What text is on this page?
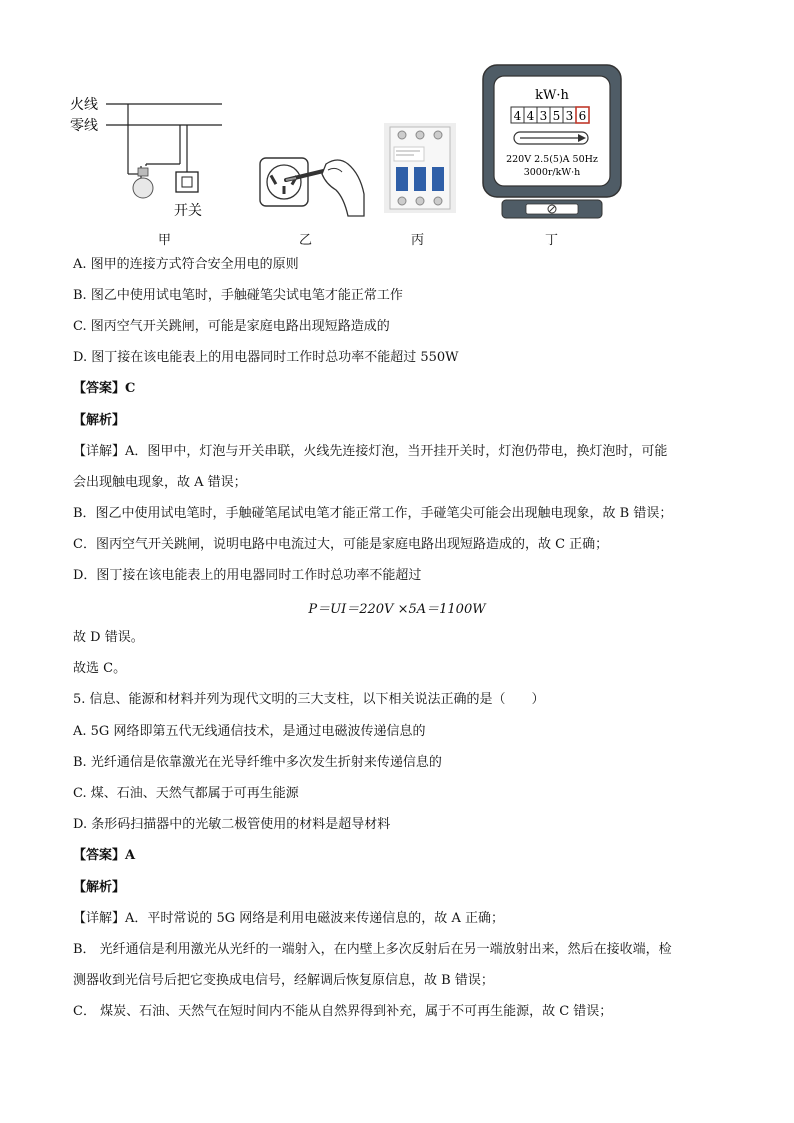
火线
零线
开关
甲	乙	丙
kW·h
4 4 3 5 3 6
220V 2.5(5)A 50Hz
3000r/kW·h
丁

A. 图甲的连接方式符合安全用电的原则

B. 图乙中使用试电笔时，手触碰笔尖试电笔才能正常工作

C. 图丙空气开关跳闸，可能是家庭电路出现短路造成的

D. 图丁接在该电能表上的用电器同时工作时总功率不能超过 550W

【答案】C

【解析】

【详解】A．图甲中，灯泡与开关串联，火线先连接灯泡，当开挂开关时，灯泡仍带电，换灯泡时，可能

会出现触电现象，故 A 错误；

B．图乙中使用试电笔时，手触碰笔尾试电笔才能正常工作，手碰笔尖可能会出现触电现象，故 B 错误；

C．图丙空气开关跳闸，说明电路中电流过大，可能是家庭电路出现短路造成的，故 C 正确；

D．图丁接在该电能表上的用电器同时工作时总功率不能超过

P＝UI＝220V ×5A＝1100W

故 D 错误。

故选 C。

5. 信息、能源和材料并列为现代文明的三大支柱，以下相关说法正确的是（　　）

A. 5G 网络即第五代无线通信技术，是通过电磁波传递信息的

B. 光纤通信是依靠激光在光导纤维中多次发生折射来传递信息的

C. 煤、石油、天然气都属于可再生能源

D. 条形码扫描器中的光敏二极管使用的材料是超导材料

【答案】A

【解析】

【详解】A．平时常说的 5G 网络是利用电磁波来传递信息的，故 A 正确；

B． 光纤通信是利用激光从光纤的一端射入，在内壁上多次反射后在另一端放射出来，然后在接收端，检

测器收到光信号后把它变换成电信号，经解调后恢复原信息，故 B 错误；

C． 煤炭、石油、天然气在短时间内不能从自然界得到补充，属于不可再生能源，故 C 错误；
